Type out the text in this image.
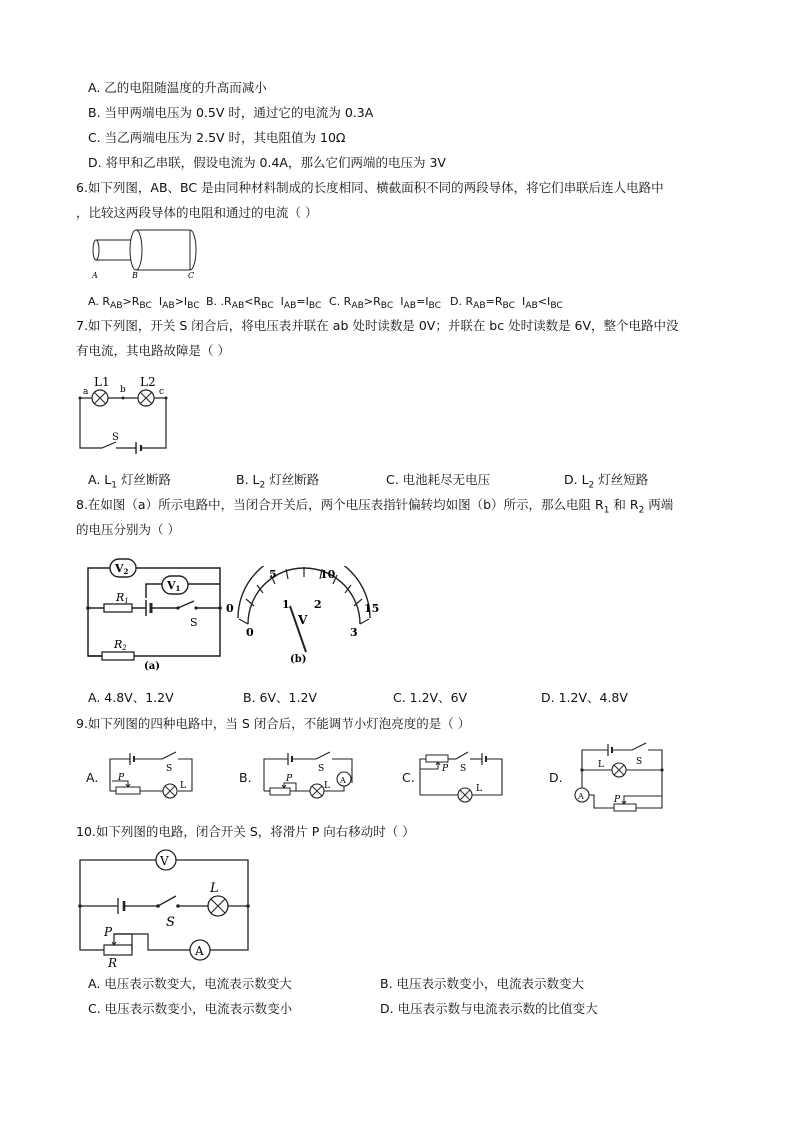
A. 乙的电阻随温度的升高而减小
B. 当甲两端电压为 0.5V 时，通过它的电流为 0.3A
C. 当乙两端电压为 2.5V 时，其电阻值为 10Ω
D. 将甲和乙串联，假设电流为 0.4A，那么它们两端的电压为 3V
6.如下列图，AB、BC 是由同种材料制成的长度相同、横截面积不同的两段导体，将它们串联后连人电路中
，比较这两段导体的电阻和通过的电流（ ）
A	B	C
A. $R_{AB}>R_{BC}$  $I_{AB}>I_{BC}$ B. $.R_{AB}<R_{BC}$  $I_{AB}=I_{BC}$ C. $R_{AB}>R_{BC}$  $I_{AB}=I_{BC}$ D. $R_{AB}=R_{BC}$  $I_{AB}<I_{BC}$
7.如下列图，开关 S 闭合后，将电压表并联在 ab 处时读数是 0V；并联在 bc 处时读数是 6V，整个电路中没
有电流，其电路故障是（ ）
L1	L2
a	b	c
S
A. $L_1$ 灯丝断路	B. $L_2$ 灯丝断路	C. 电池耗尽无电压	D. $L_2$ 灯丝短路
8.在如图（a）所示电路中，当闭合开关后，两个电压表指针偏转均如图（b）所示，那么电阻 $R_1$ 和 $R_2$ 两端
的电压分别为（ ）
V2
V1
R1
R2
S
(a)
0
5	10
15
0
1 2
3
V
(b)
A. 4.8V、1.2V	B. 6V、1.2V	C. 1.2V、6V	D. 1.2V、4.8V
9.如下列图的四种电路中，当 S 闭合后，不能调节小灯泡亮度的是（ ）
A. P
S
L
B.	A
P
S
L
C.
P S
L
D.
A	P
S
L
10.如下列图的电路，闭合开关 S，将滑片 P 向右移动时（ ）
V
A
L
S
P
R
A. 电压表示数变大，电流表示数变大	B. 电压表示数变小，电流表示数变大
C. 电压表示数变小，电流表示数变小	D. 电压表示数与电流表示数的比值变大
